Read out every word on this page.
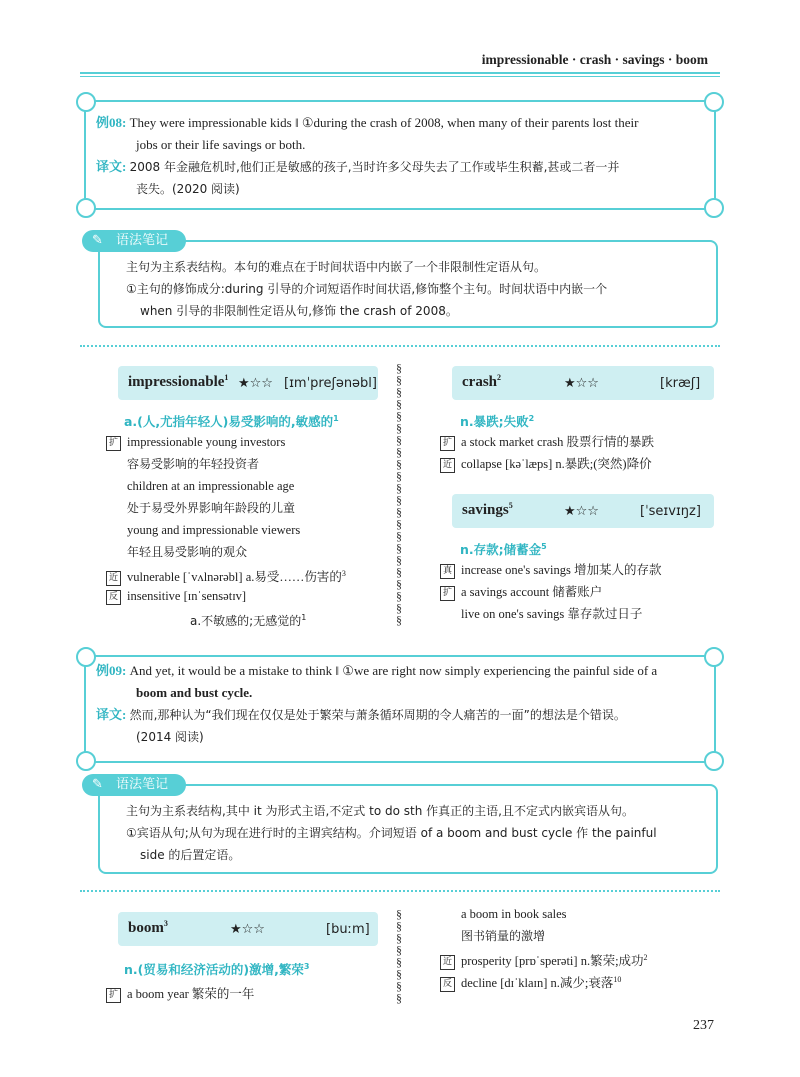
impressionable · crash · savings · boom
例08: They were impressionable kids ‖ ①during the crash of 2008, when many of their parents lost their
jobs or their life savings or both.
译文: 2008 年金融危机时,他们正是敏感的孩子,当时许多父母失去了工作或毕生积蓄,甚或二者一并
丧失。(2020 阅读)
✎ 语法笔记
主句为主系表结构。本句的难点在于时间状语中内嵌了一个非限制性定语从句。
①主句的修饰成分:during 引导的介词短语作时间状语,修饰整个主句。时间状语中内嵌一个
when 引导的非限制性定语从句,修饰 the crash of 2008。
impressionable$^1$ ★☆☆ [ɪmˈpreʃənəbl]
a.(人,尤指年轻人)易受影响的,敏感的$^1$
扩 impressionable young investors
容易受影响的年轻投资者
children at an impressionable age
处于易受外界影响年龄段的儿童
young and impressionable viewers
年轻且易受影响的观众
近 vulnerable [ˈvʌlnərəbl] a.易受……伤害的$^3$
反 insensitive [ɪnˈsensətɪv]
a.不敏感的;无感觉的$^1$
§
§
§
§
§
§
§
§
§
§
§
§
§
§
§
§
§
§
§
§
§
§
crash$^2$	★☆☆	[kræʃ]
n.暴跌;失败$^2$
扩 a stock market crash 股票行情的暴跌
近 collapse [kəˈlæps] n.暴跌;(突然)降价
savings$^5$	★☆☆	[ˈseɪvɪŋz]
n.存款;储蓄金$^5$
真 increase one's savings 增加某人的存款
扩 a savings account 储蓄账户
live on one's savings 靠存款过日子
例09: And yet, it would be a mistake to think ‖ ①we are right now simply experiencing the painful side of a
boom and bust cycle.
译文: 然而,那种认为“我们现在仅仅是处于繁荣与萧条循环周期的令人痛苦的一面”的想法是个错误。
(2014 阅读)
✎ 语法笔记
主句为主系表结构,其中 it 为形式主语,不定式 to do sth 作真正的主语,且不定式内嵌宾语从句。
①宾语从句;从句为现在进行时的主谓宾结构。介词短语 of a boom and bust cycle 作 the painful
side 的后置定语。
boom$^3$	★☆☆	[buːm]
n.(贸易和经济活动的)激增,繁荣$^3$
扩 a boom year 繁荣的一年
§
§
§
§
§
§
§
§
a boom in book sales
图书销量的激增
近 prosperity [prɒˈsperəti] n.繁荣;成功$^2$
反 decline [dɪˈklaɪn] n.减少;衰落$^{10}$
237
